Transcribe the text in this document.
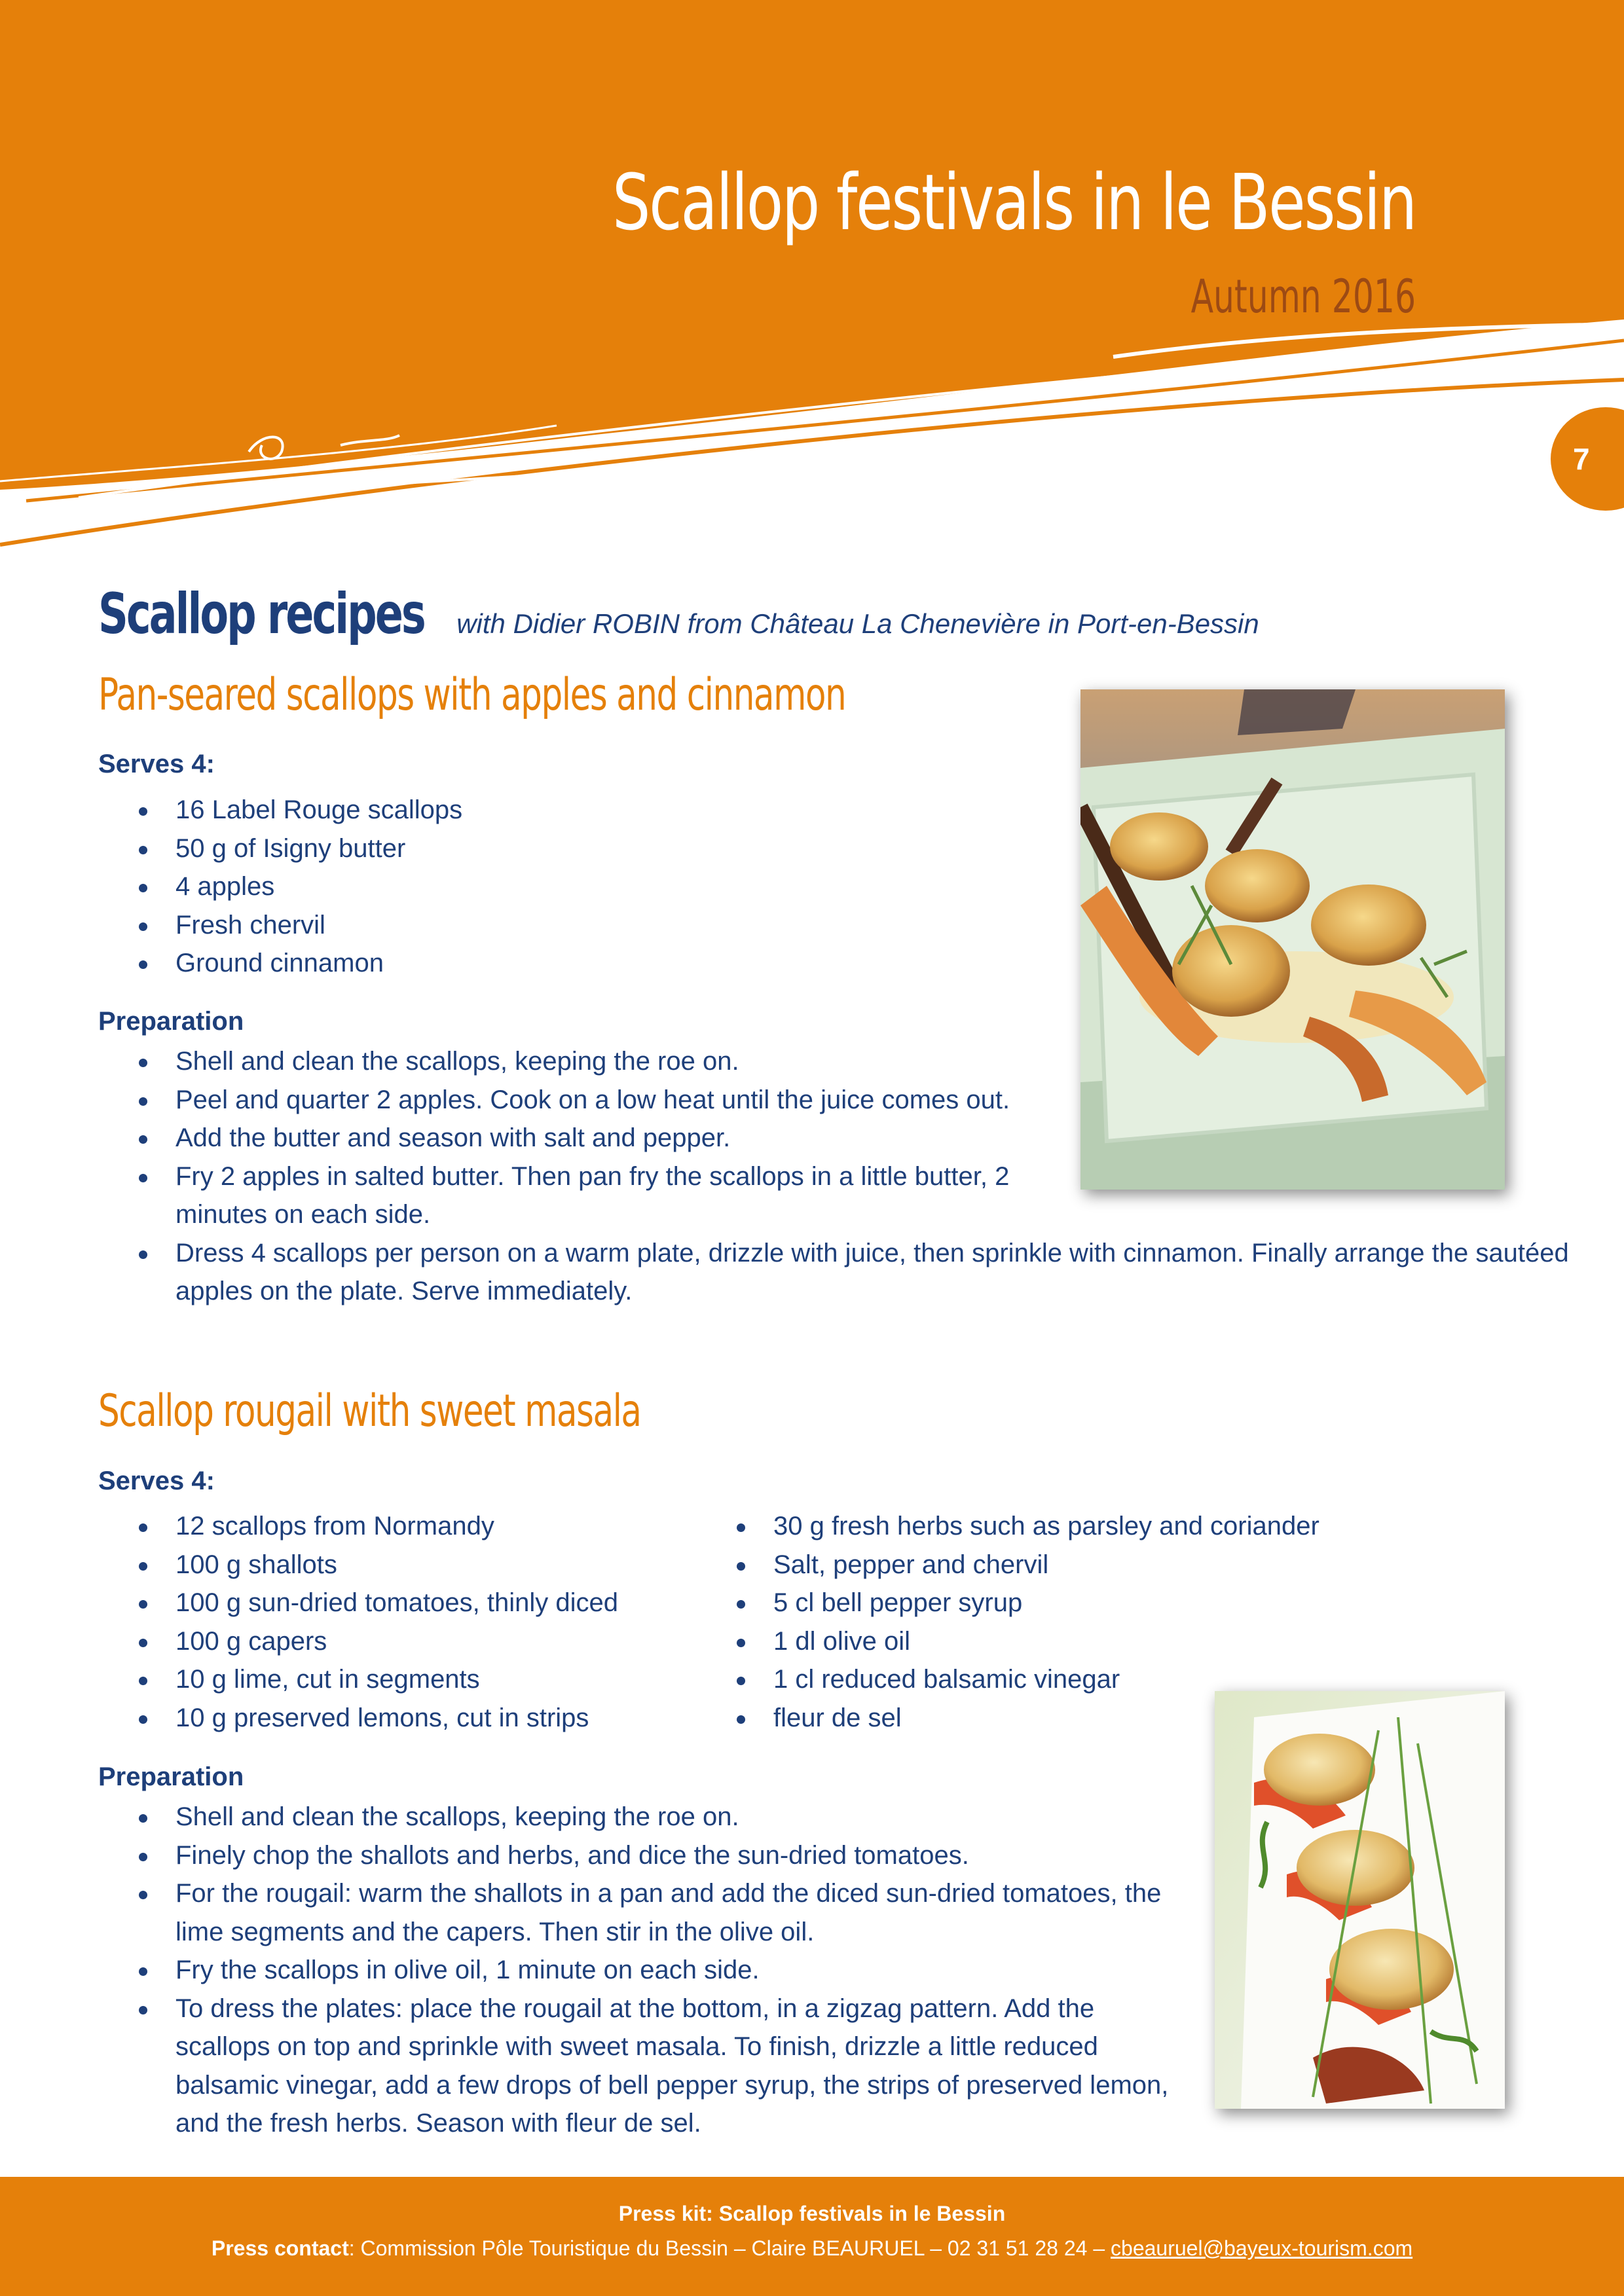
Scallop festivals in le Bessin
Autumn 2016
7
Scallop recipes with Didier ROBIN from Château La Chenevière in Port-en-Bessin
Pan-seared scallops with apples and cinnamon
Serves 4:
16 Label Rouge scallops
50 g of Isigny butter
4 apples
Fresh chervil
Ground cinnamon
Preparation
Shell and clean the scallops, keeping the roe on.
Peel and quarter 2 apples. Cook on a low heat until the juice comes out.
Add the butter and season with salt and pepper.
Fry 2 apples in salted butter. Then pan fry the scallops in a little butter, 2 minutes on each side.
Dress 4 scallops per person on a warm plate, drizzle with juice, then sprinkle with cinnamon. Finally arrange the sautéed apples on the plate. Serve immediately.
Scallop rougail with sweet masala
Serves 4:
12 scallops from Normandy
100 g shallots
100 g sun-dried tomatoes, thinly diced
100 g capers
10 g lime, cut in segments
10 g preserved lemons, cut in strips
30 g fresh herbs such as parsley and coriander
Salt, pepper and chervil
5 cl bell pepper syrup
1 dl olive oil
1 cl reduced balsamic vinegar
fleur de sel
Preparation
Shell and clean the scallops, keeping the roe on.
Finely chop the shallots and herbs, and dice the sun-dried tomatoes.
For the rougail: warm the shallots in a pan and add the diced sun-dried tomatoes, the lime segments and the capers. Then stir in the olive oil.
Fry the scallops in olive oil, 1 minute on each side.
To dress the plates: place the rougail at the bottom, in a zigzag pattern. Add the scallops on top and sprinkle with sweet masala. To finish, drizzle a little reduced balsamic vinegar, add a few drops of bell pepper syrup, the strips of preserved lemon, and the fresh herbs. Season with fleur de sel.
Press kit: Scallop festivals in le Bessin
Press contact: Commission Pôle Touristique du Bessin – Claire BEAURUEL – 02 31 51 28 24 – cbeauruel@bayeux-tourism.com
